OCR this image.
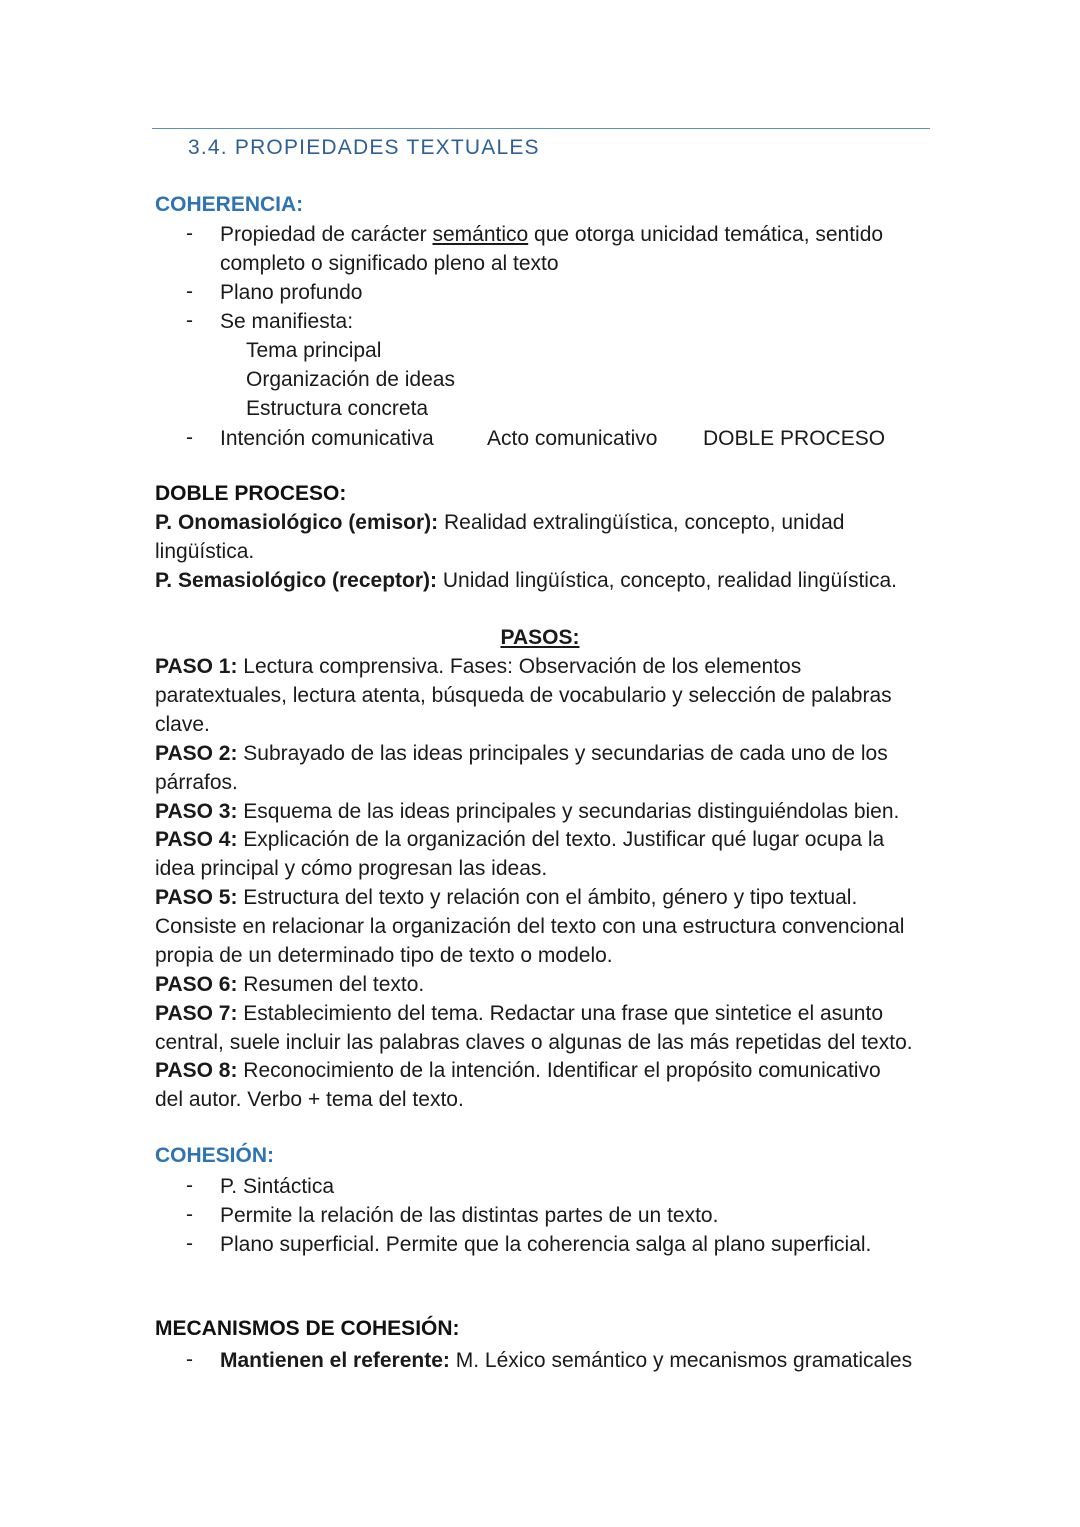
3.4. PROPIEDADES TEXTUALES
COHERENCIA:
- Propiedad de carácter semántico que otorga unicidad temática, sentido
completo o significado pleno al texto
- Plano profundo
- Se manifiesta:
Tema principal
Organización de ideas
Estructura concreta
- Intención comunicativa	Acto comunicativo DOBLE PROCESO
DOBLE PROCESO:
P. Onomasiológico (emisor): Realidad extralingüística, concepto, unidad
lingüística.
P. Semasiológico (receptor): Unidad lingüística, concepto, realidad lingüística.
PASOS:
PASO 1: Lectura comprensiva. Fases: Observación de los elementos
paratextuales, lectura atenta, búsqueda de vocabulario y selección de palabras
clave.
PASO 2: Subrayado de las ideas principales y secundarias de cada uno de los
párrafos.
PASO 3: Esquema de las ideas principales y secundarias distinguiéndolas bien.
PASO 4: Explicación de la organización del texto. Justificar qué lugar ocupa la
idea principal y cómo progresan las ideas.
PASO 5: Estructura del texto y relación con el ámbito, género y tipo textual.
Consiste en relacionar la organización del texto con una estructura convencional
propia de un determinado tipo de texto o modelo.
PASO 6: Resumen del texto.
PASO 7: Establecimiento del tema. Redactar una frase que sintetice el asunto
central, suele incluir las palabras claves o algunas de las más repetidas del texto.
PASO 8: Reconocimiento de la intención. Identificar el propósito comunicativo
del autor. Verbo + tema del texto.
COHESIÓN:
- P. Sintáctica
- Permite la relación de las distintas partes de un texto.
- Plano superficial. Permite que la coherencia salga al plano superficial.
MECANISMOS DE COHESIÓN:
- Mantienen el referente: M. Léxico semántico y mecanismos gramaticales
